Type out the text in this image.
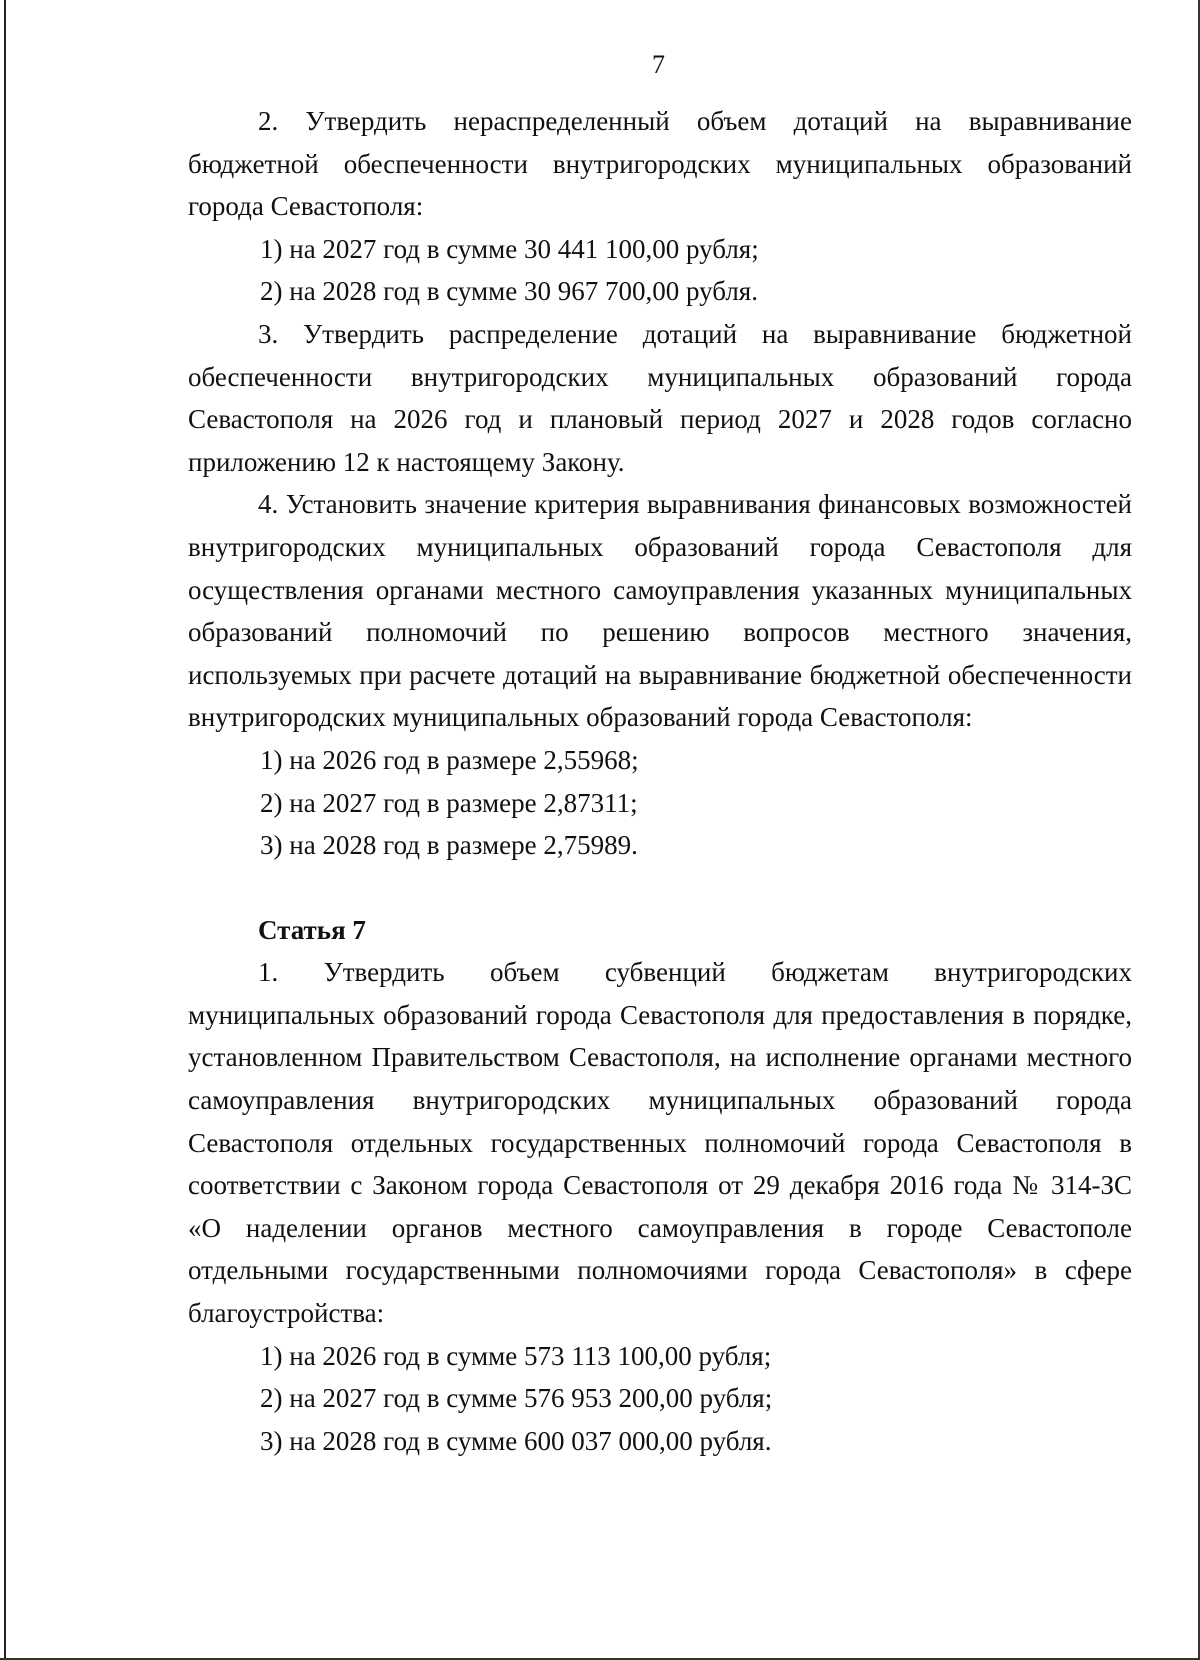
7

2. Утвердить нераспределенный объем дотаций на выравнивание бюджетной обеспеченности внутригородских муниципальных образований города Севастополя:

1) на 2027 год в сумме 30 441 100,00 рубля;

2) на 2028 год в сумме 30 967 700,00 рубля.

3. Утвердить распределение дотаций на выравнивание бюджетной обеспеченности внутригородских муниципальных образований города Севастополя на 2026 год и плановый период 2027 и 2028 годов согласно приложению 12 к настоящему Закону.

4. Установить значение критерия выравнивания финансовых возможностей внутригородских муниципальных образований города Севастополя для осуществления органами местного самоуправления указанных муниципальных образований полномочий по решению вопросов местного значения, используемых при расчете дотаций на выравнивание бюджетной обеспеченности внутригородских муниципальных образований города Севастополя:

1) на 2026 год в размере 2,55968;

2) на 2027 год в размере 2,87311;

3) на 2028 год в размере 2,75989.

Статья 7

1. Утвердить объем субвенций бюджетам внутригородских муниципальных образований города Севастополя для предоставления в порядке, установленном Правительством Севастополя, на исполнение органами местного самоуправления внутригородских муниципальных образований города Севастополя отдельных государственных полномочий города Севастополя в соответствии с Законом города Севастополя от 29 декабря 2016 года № 314-ЗС «О наделении органов местного самоуправления в городе Севастополе отдельными государственными полномочиями города Севастополя» в сфере благоустройства:

1) на 2026 год в сумме 573 113 100,00 рубля;

2) на 2027 год в сумме 576 953 200,00 рубля;

3) на 2028 год в сумме 600 037 000,00 рубля.
